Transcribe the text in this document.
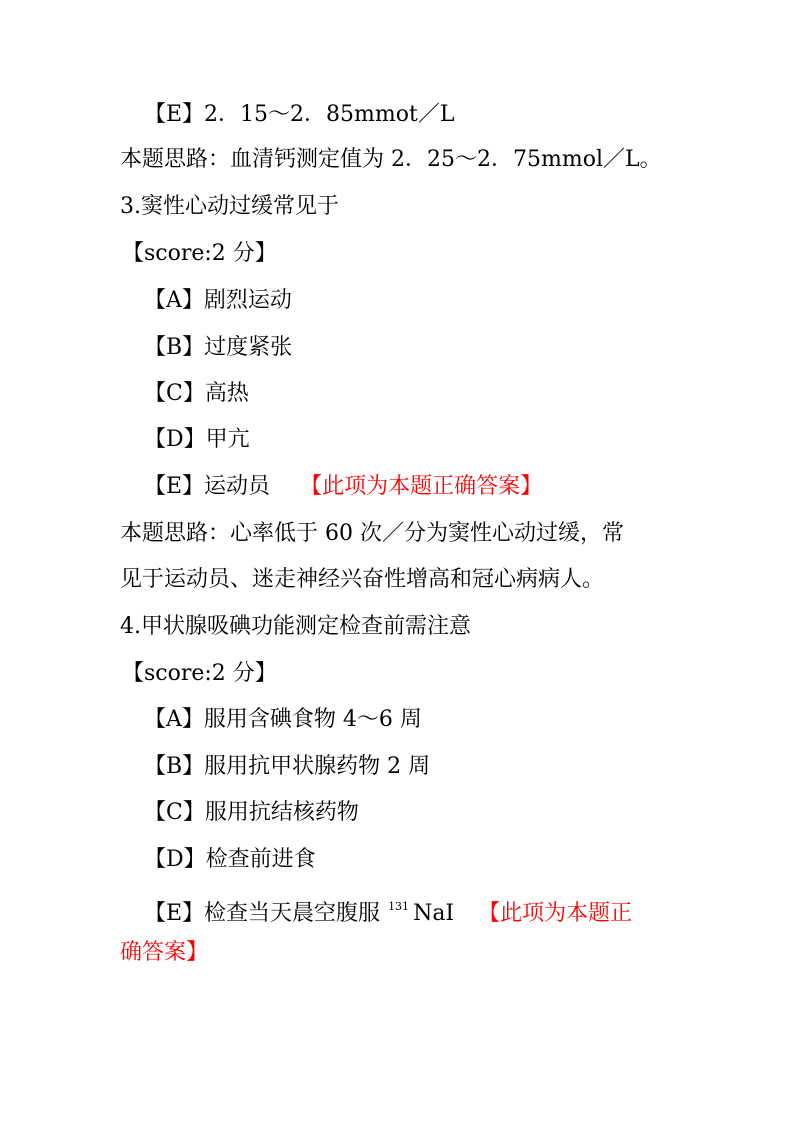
【E】2．15～2．85mmot／L
本题思路：血清钙测定值为 2．25～2．75mmol／L。
3.窦性心动过缓常见于
【score:2 分】
【A】剧烈运动
【B】过度紧张
【C】高热
【D】甲亢
【E】运动员 【此项为本题正确答案】
本题思路：心率低于 60 次／分为窦性心动过缓，常
见于运动员、迷走神经兴奋性增高和冠心病病人。
4.甲状腺吸碘功能测定检查前需注意
【score:2 分】
【A】服用含碘食物 4～6 周
【B】服用抗甲状腺药物 2 周
【C】服用抗结核药物
【D】检查前进食
【E】检查当天晨空腹服 $^{131}$ NaI 【此项为本题正
确答案】
